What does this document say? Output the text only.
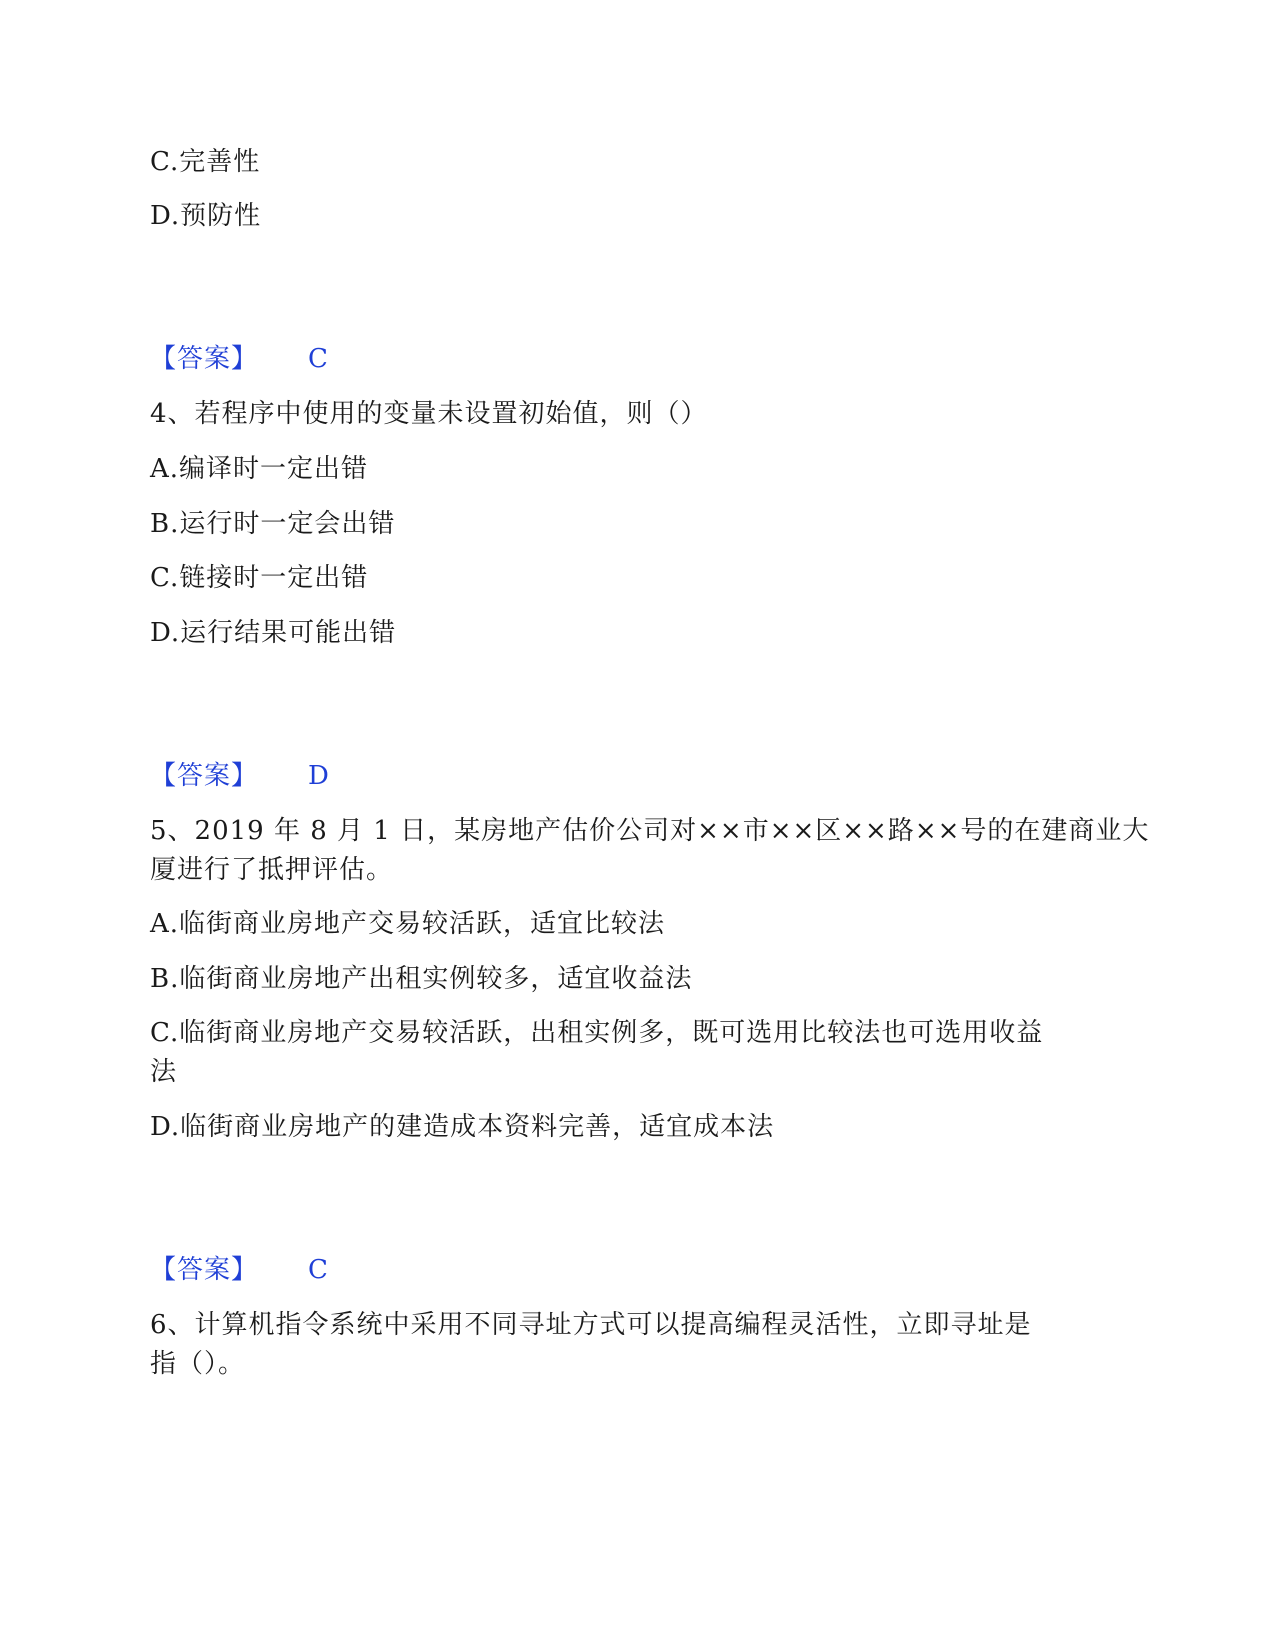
C.完善性
D.预防性
【答案】 C
4、若程序中使用的变量未设置初始值，则（）
A.编译时一定出错
B.运行时一定会出错
C.链接时一定出错
D.运行结果可能出错
【答案】 D
5、2019 年 8 月 1 日，某房地产估价公司对××市××区××路××号的在建商业大
厦进行了抵押评估。
A.临街商业房地产交易较活跃，适宜比较法
B.临街商业房地产出租实例较多，适宜收益法
C.临街商业房地产交易较活跃，出租实例多，既可选用比较法也可选用收益
法
D.临街商业房地产的建造成本资料完善，适宜成本法
【答案】 C
6、计算机指令系统中采用不同寻址方式可以提高编程灵活性，立即寻址是
指（）。
